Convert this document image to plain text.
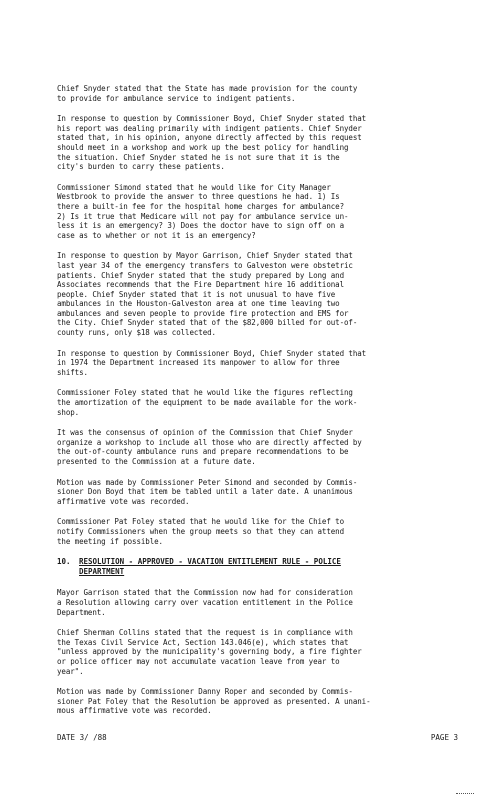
Chief Snyder stated that the State has made provision for the county
to provide for ambulance service to indigent patients.

In response to question by Commissioner Boyd, Chief Snyder stated that
his report was dealing primarily with indigent patients. Chief Snyder
stated that, in his opinion, anyone directly affected by this request
should meet in a workshop and work up the best policy for handling
the situation. Chief Snyder stated he is not sure that it is the
city's burden to carry these patients.

Commissioner Simond stated that he would like for City Manager
Westbrook to provide the answer to three questions he had. 1) Is
there a built-in fee for the hospital home charges for ambulance?
2) Is it true that Medicare will not pay for ambulance service un-
less it is an emergency? 3) Does the doctor have to sign off on a
case as to whether or not it is an emergency?

In response to question by Mayor Garrison, Chief Snyder stated that
last year 34 of the emergency transfers to Galveston were obstetric
patients. Chief Snyder stated that the study prepared by Long and
Associates recommends that the Fire Department hire 16 additional
people. Chief Snyder stated that it is not unusual to have five
ambulances in the Houston-Galveston area at one time leaving two
ambulances and seven people to provide fire protection and EMS for
the City. Chief Snyder stated that of the $82,000 billed for out-of-
county runs, only $18 was collected.

In response to question by Commissioner Boyd, Chief Snyder stated that
in 1974 the Department increased its manpower to allow for three
shifts.

Commissioner Foley stated that he would like the figures reflecting
the amortization of the equipment to be made available for the work-
shop.

It was the consensus of opinion of the Commission that Chief Snyder
organize a workshop to include all those who are directly affected by
the out-of-county ambulance runs and prepare recommendations to be
presented to the Commission at a future date.

Motion was made by Commissioner Peter Simond and seconded by Commis-
sioner Don Boyd that item be tabled until a later date. A unanimous
affirmative vote was recorded.

Commissioner Pat Foley stated that he would like for the Chief to
notify Commissioners when the group meets so that they can attend
the meeting if possible.

10.	RESOLUTION - APPROVED - VACATION ENTITLEMENT RULE - POLICE
DEPARTMENT

Mayor Garrison stated that the Commission now had for consideration
a Resolution allowing carry over vacation entitlement in the Police
Department.

Chief Sherman Collins stated that the request is in compliance with
the Texas Civil Service Act, Section 143.046(e), which states that
"unless approved by the municipality's governing body, a fire fighter
or police officer may not accumulate vacation leave from year to
year".

Motion was made by Commissioner Danny Roper and seconded by Commis-
sioner Pat Foley that the Resolution be approved as presented. A unani-
mous affirmative vote was recorded.

DATE 3/ /88	PAGE 3
